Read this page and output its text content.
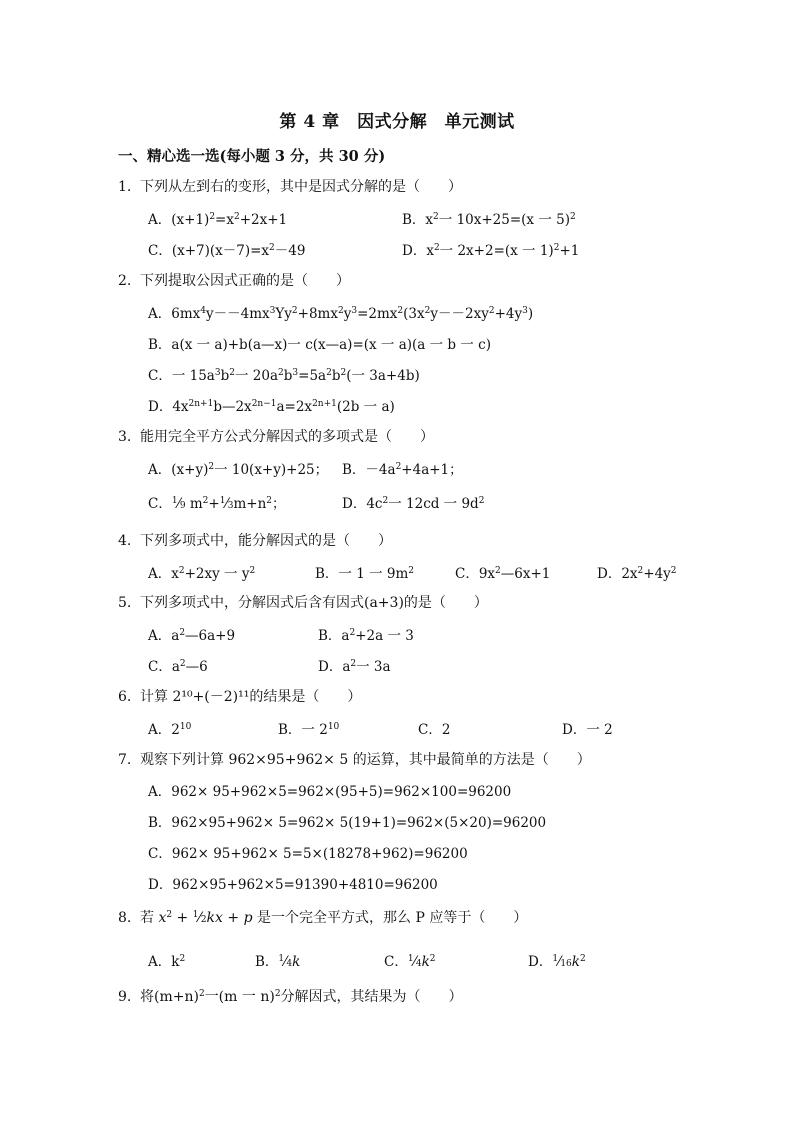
第 4 章　因式分解　单元测试
一、精心选一选(每小题 3 分，共 30 分)
1. 下列从左到右的变形，其中是因式分解的是（　　）
A．$(x+1)^2=x^2+2x+1$	B．$x^2$一 10x+25=(x 一 5)$^2$
C．$(x+7)(x-7)=x^2-49$	D．$x^2$一 2x+2=(x 一 1)$^2$+1
2. 下列提取公因式正确的是（　　）
A．$6mx^4y--4mx^3Yy^2+8mx^2y^3=2mx^2(3x^2y--2xy^2+4y^3)$
B．a(x 一 a)+b(a—x)一 c(x—a)=(x 一 a)(a 一 b 一 c)
C．一 $15a^3b^2$一 $20a^2b^3=5a^2b^2$(一 3a+4b)
D．$4x^{2n+1}b—2x^{2n-1}a=2x^{2n+1}(2b$ 一 a)
3. 能用完全平方公式分解因式的多项式是（　　）
A．$(x+y)^2$一 10(x+y)+25； B．$-4a^2+4a+1$；
C．$^1$⁄9 $m^2+^1⁄3m+n^2$；	D．$4c^2$一 12cd 一 $9d^2$
4. 下列多项式中，能分解因式的是（　　）
A．$x^2+2xy$ 一 $y^2$	B．一 1 一 $9m^2$	C．$9x^2—6x+1$	D．$2x^2+4y^2$
5. 下列多项式中，分解因式后含有因式(a+3)的是（　　）
A．$a^2—6a+9$	B．$a^2+2a$ 一 3
C．$a^2—6$	D．$a^2$一 3a
6. 计算 2¹⁰+(－2)¹¹的结果是（　　）
A．$2^{10}$	B．一 $2^{10}$	C．2	D．一 2
7. 观察下列计算 962×95+962× 5 的运算，其中最简单的方法是（　　）
A．962× 95+962×5=962×(95+5)=962×100=96200
B．962×95+962× 5=962× 5(19+1)=962×(5×20)=96200
C．962× 95+962× 5=5×(18278+962)=96200
D．962×95+962×5=91390+4810=96200
8. 若 $x^2$ + $^1$⁄2kx + p 是一个完全平方式，那么 P 应等于（　　）
A．$k^2$	B．$^1$⁄4k	C．$^1⁄4k^2$	D．$^1⁄16k^2$
9. 将$(m+n)^2$一(m 一 n)$^2$分解因式，其结果为（　　）
